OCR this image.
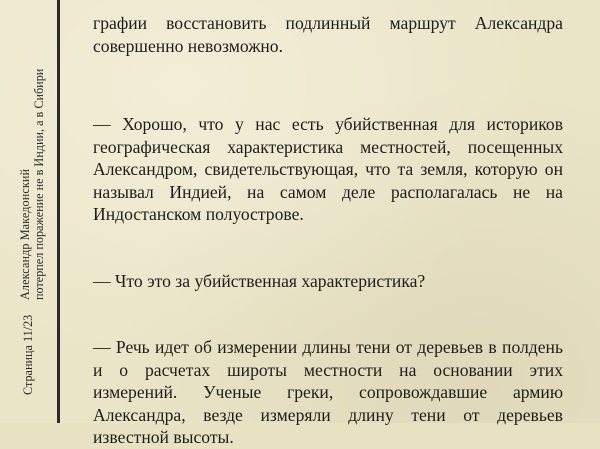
Александр Македонский потерпел поражение не в Индии, а в Сибири
Страница 11/23

графии восстановить подлинный маршрут Александра совершенно невозможно.

— Хорошо, что у нас есть убийственная для историков географическая характеристика местностей, посещенных Александром, свидетельствующая, что та земля, которую он называл Индией, на самом деле располагалась не на Индостанском полуострове.

— Что это за убийственная характеристика?

— Речь идет об измерении длины тени от деревьев в полдень и о расчетах широты местности на основании этих измерений. Ученые греки, сопровождавшие армию Александра, везде измеряли длину тени от деревьев известной высоты.
